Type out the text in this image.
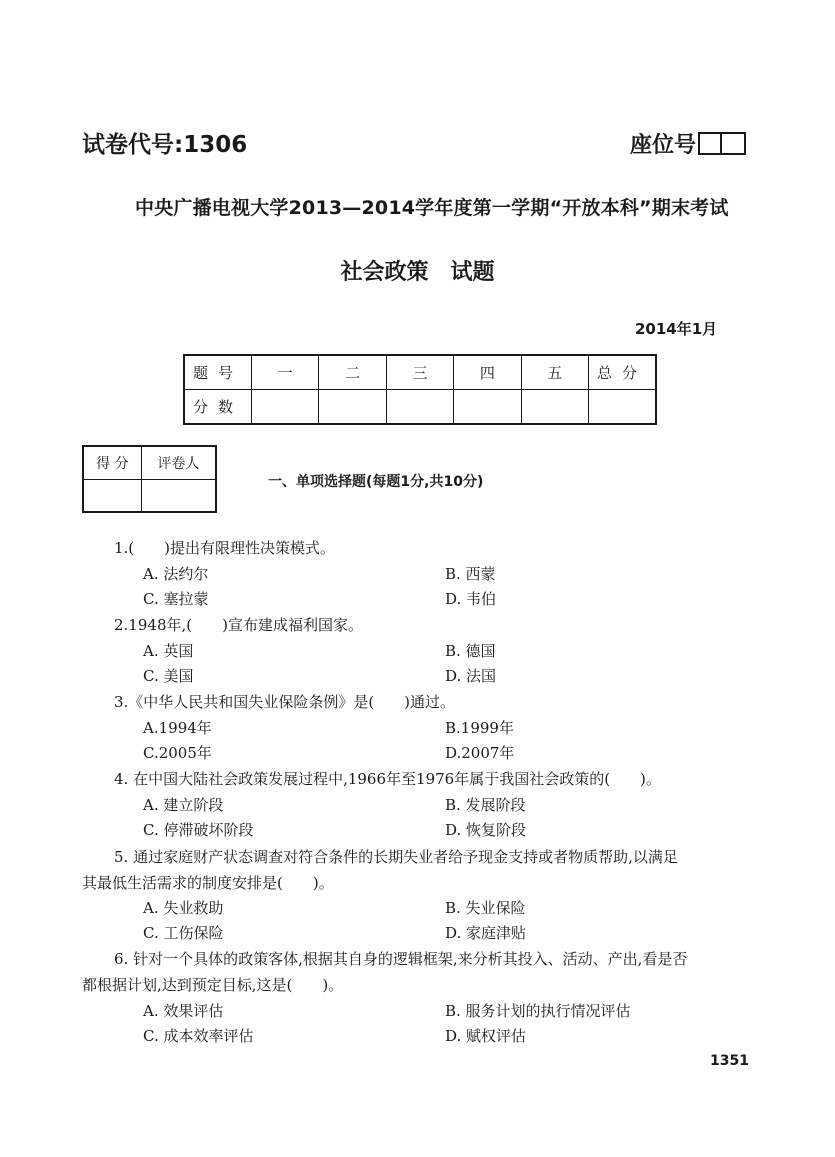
试卷代号:1306	座位号
中央广播电视大学2013—2014学年度第一学期“开放本科”期末考试
社会政策　试题
2014年1月
题号	一	二	三	四	五	总分
分数						
得 分	评卷人

一、单项选择题(每题1分,共10分)
1.(　　)提出有限理性决策模式。
A. 法约尔	B. 西蒙
C. 塞拉蒙	D. 韦伯
2.1948年,(　　)宣布建成福利国家。
A. 英国	B. 德国
C. 美国	D. 法国
3.《中华人民共和国失业保险条例》是(　　)通过。
A.1994年	B.1999年
C.2005年	D.2007年
4. 在中国大陆社会政策发展过程中,1966年至1976年属于我国社会政策的(　　)。
A. 建立阶段	B. 发展阶段
C. 停滞破坏阶段	D. 恢复阶段
5. 通过家庭财产状态调查对符合条件的长期失业者给予现金支持或者物质帮助,以满足
其最低生活需求的制度安排是(　　)。
A. 失业救助	B. 失业保险
C. 工伤保险	D. 家庭津贴
6. 针对一个具体的政策客体,根据其自身的逻辑框架,来分析其投入、活动、产出,看是否
都根据计划,达到预定目标,这是(　　)。
A. 效果评估	B. 服务计划的执行情况评估
C. 成本效率评估	D. 赋权评估
1351
